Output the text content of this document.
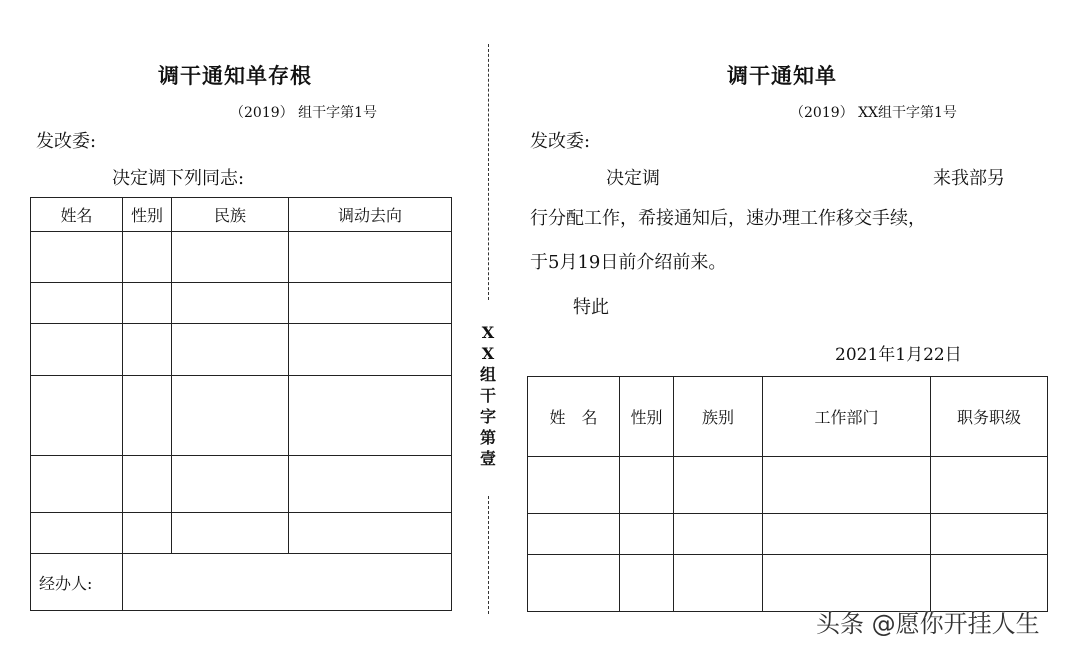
调干通知单存根
（2019） 组干字第1号
发改委:
决定调下列同志:
姓名	性别	民族	调动去向

经办人:			
X
X
组
干
字
第
壹
调干通知单
（2019） XX组干字第1号
发改委:
决定调	来我部另
行分配工作，希接通知后，速办理工作移交手续，
于5月19日前介绍前来。
特此
2021年1月22日
姓　名	性别	族别	工作部门	职务职级

头条 @愿你开挂人生
